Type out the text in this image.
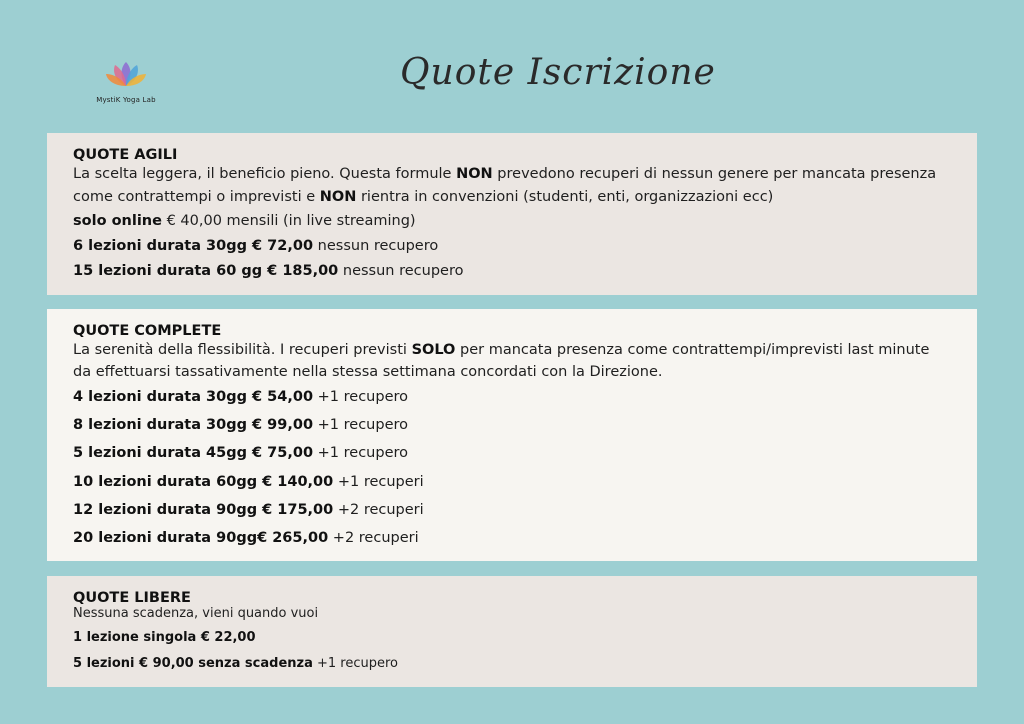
MystiK Yoga Lab
Quote Iscrizione
QUOTE AGILI
La scelta leggera, il beneficio pieno. Questa formule NON prevedono recuperi di nessun genere per mancata presenza come contrattempi o imprevisti e NON rientra in convenzioni (studenti, enti, organizzazioni ecc)
solo online € 40,00 mensili (in live streaming)
6 lezioni durata 30gg € 72,00 nessun recupero
15 lezioni durata 60 gg € 185,00 nessun recupero
QUOTE COMPLETE
La serenità della flessibilità. I recuperi previsti SOLO per mancata presenza come contrattempi/imprevisti last minute da effettuarsi tassativamente nella stessa settimana concordati con la Direzione.
4 lezioni durata 30gg € 54,00 +1 recupero
8 lezioni durata 30gg € 99,00 +1 recupero
5 lezioni durata 45gg € 75,00 +1 recupero
10 lezioni durata 60gg € 140,00 +1 recuperi
12 lezioni durata 90gg € 175,00 +2 recuperi
20 lezioni durata 90gg€ 265,00 +2 recuperi
QUOTE LIBERE
Nessuna scadenza, vieni quando vuoi
1 lezione singola € 22,00
5 lezioni € 90,00 senza scadenza +1 recupero
